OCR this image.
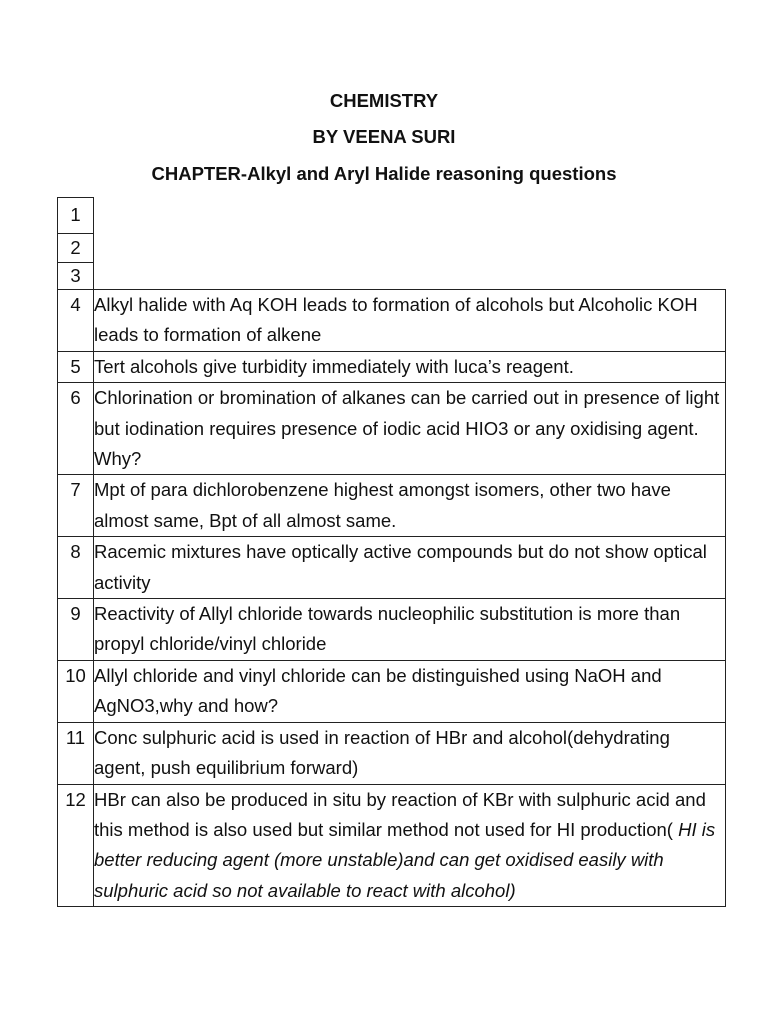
CHEMISTRY
BY VEENA SURI
CHAPTER-Alkyl and Aryl Halide reasoning questions
1	
2	
3	
4	Alkyl halide with Aq KOH leads to formation of alcohols but Alcoholic KOH leads to formation of alkene
5	Tert alcohols give turbidity immediately with luca’s reagent.
6	Chlorination or bromination of alkanes can be carried out in presence of light but iodination requires presence of iodic acid HIO3 or any oxidising agent. Why?
7	Mpt of para dichlorobenzene highest amongst isomers, other two have almost same, Bpt of all almost same.
8	Racemic mixtures have optically active compounds but do not show optical activity
9	Reactivity of Allyl chloride towards nucleophilic substitution is more than propyl chloride/vinyl chloride
10	Allyl chloride and vinyl chloride can be distinguished using NaOH and AgNO3,why and how?
11	Conc sulphuric acid is used in reaction of HBr and alcohol(dehydrating agent, push equilibrium forward)
12	HBr can also be produced in situ by reaction of KBr with sulphuric acid and this method is also used but similar method not used for HI production( HI is better reducing agent (more unstable)and can get oxidised easily with sulphuric acid so not available to react with alcohol)
